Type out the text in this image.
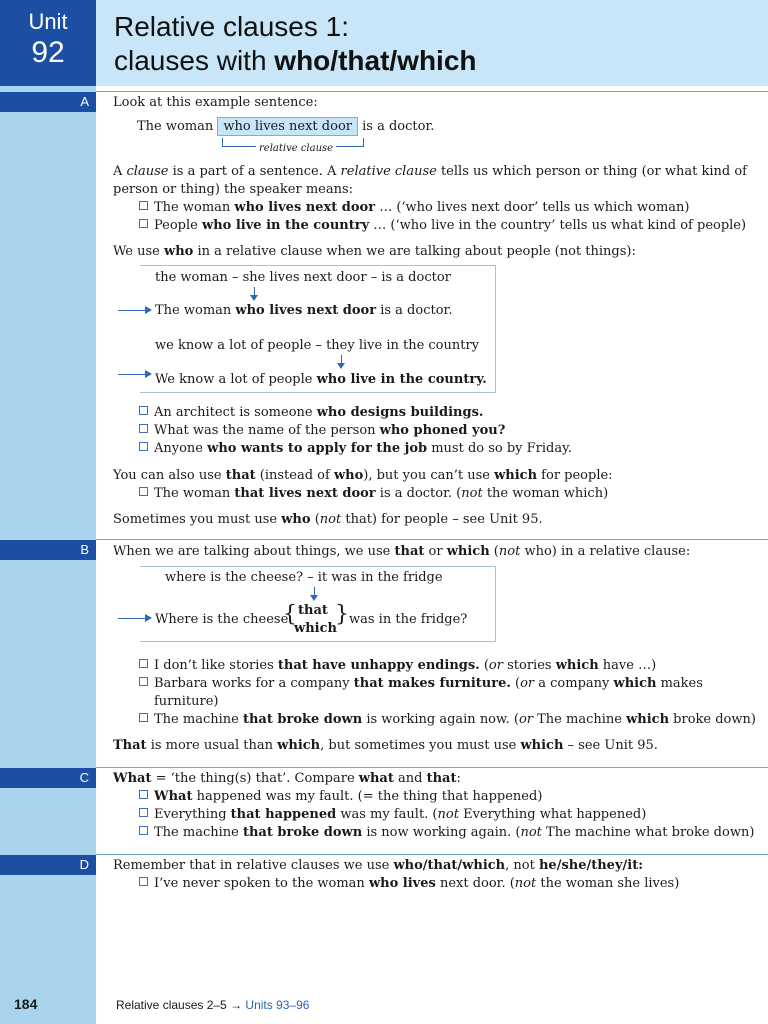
Unit
92
Relative clauses 1:
clauses with who/that/which
A	Look at this example sentence:
The woman who lives next door is a doctor.
relative clause
A clause is a part of a sentence. A relative clause tells us which person or thing (or what kind of
person or thing) the speaker means:
The woman who lives next door … (‘who lives next door’ tells us which woman)
People who live in the country … (‘who live in the country’ tells us what kind of people)
We use who in a relative clause when we are talking about people (not things):
the woman – she lives next door – is a doctor
The woman who lives next door is a doctor.
we know a lot of people – they live in the country
We know a lot of people who live in the country.
An architect is someone who designs buildings.
What was the name of the person who phoned you?
Anyone who wants to apply for the job must do so by Friday.
You can also use that (instead of who), but you can’t use which for people:
The woman that lives next door is a doctor. (not the woman which)
Sometimes you must use who (not that) for people – see Unit 95.
B	When we are talking about things, we use that or which (not who) in a relative clause:
where is the cheese? – it was in the fridge
Where is the cheese
{ that
which
} was in the fridge?
I don’t like stories that have unhappy endings. (or stories which have …)
Barbara works for a company that makes furniture. (or a company which makes
furniture)
The machine that broke down is working again now. (or The machine which broke down)
That is more usual than which, but sometimes you must use which – see Unit 95.
C	What = ‘the thing(s) that’. Compare what and that:
What happened was my fault. (= the thing that happened)
Everything that happened was my fault. (not Everything what happened)
The machine that broke down is now working again. (not The machine what broke down)
D	Remember that in relative clauses we use who/that/which, not he/she/they/it:
I’ve never spoken to the woman who lives next door. (not the woman she lives)
184	Relative clauses 2–5 → Units 93–96
